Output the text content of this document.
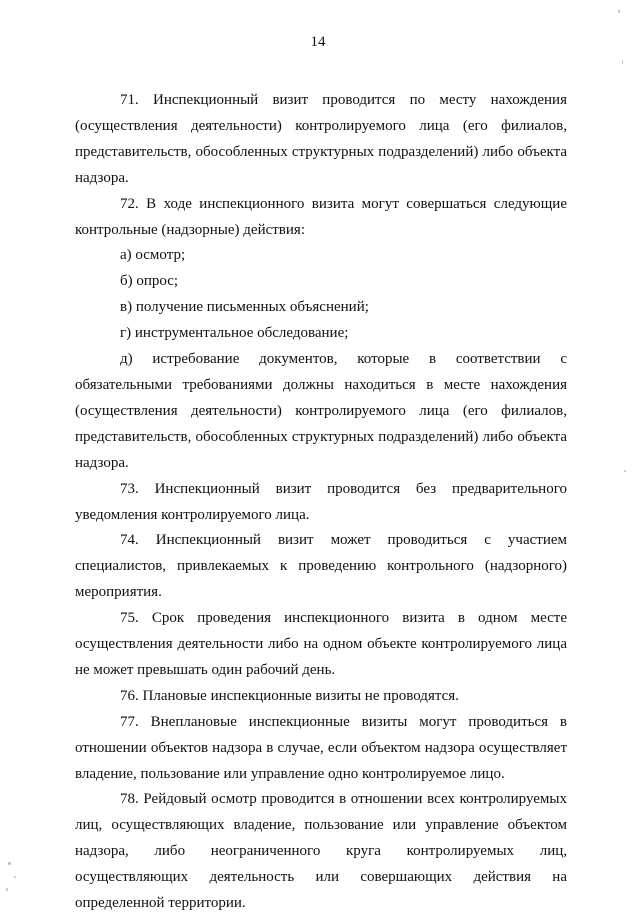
14

71. Инспекционный визит проводится по месту нахождения (осуществления деятельности) контролируемого лица (его филиалов, представительств, обособленных структурных подразделений) либо объекта надзора.

72. В ходе инспекционного визита могут совершаться следующие контрольные (надзорные) действия:

а) осмотр;

б) опрос;

в) получение письменных объяснений;

г) инструментальное обследование;

д) истребование документов, которые в соответствии с обязательными требованиями должны находиться в месте нахождения (осуществления деятельности) контролируемого лица (его филиалов, представительств, обособленных структурных подразделений) либо объекта надзора.

73. Инспекционный визит проводится без предварительного уведомления контролируемого лица.

74. Инспекционный визит может проводиться с участием специалистов, привлекаемых к проведению контрольного (надзорного) мероприятия.

75. Срок проведения инспекционного визита в одном месте осуществления деятельности либо на одном объекте контролируемого лица не может превышать один рабочий день.

76. Плановые инспекционные визиты не проводятся.

77. Внеплановые инспекционные визиты могут проводиться в отношении объектов надзора в случае, если объектом надзора осуществляет владение, пользование или управление одно контролируемое лицо.

78. Рейдовый осмотр проводится в отношении всех контролируемых лиц, осуществляющих владение, пользование или управление объектом надзора, либо неограниченного круга контролируемых лиц, осуществляющих деятельность или совершающих действия на определенной территории.
